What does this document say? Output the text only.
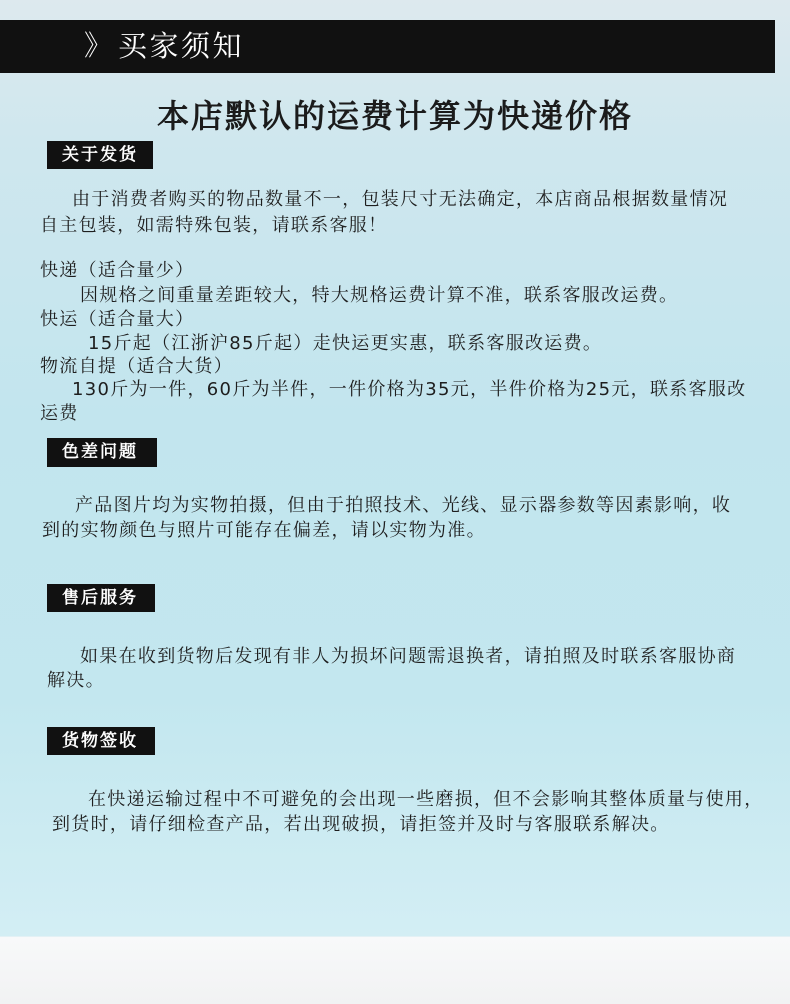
》 买家须知
本店默认的运费计算为快递价格
关于发货
由于消费者购买的物品数量不一，包装尺寸无法确定，本店商品根据数量情况
自主包装，如需特殊包装，请联系客服！
快递（适合量少）
因规格之间重量差距较大，特大规格运费计算不准，联系客服改运费。
快运（适合量大）
15斤起（江浙沪85斤起）走快运更实惠，联系客服改运费。
物流自提（适合大货）
130斤为一件，60斤为半件，一件价格为35元，半件价格为25元，联系客服改
运费
色差问题
产品图片均为实物拍摄，但由于拍照技术、光线、显示器参数等因素影响，收
到的实物颜色与照片可能存在偏差，请以实物为准。
售后服务
如果在收到货物后发现有非人为损坏问题需退换者，请拍照及时联系客服协商
解决。
货物签收
在快递运输过程中不可避免的会出现一些磨损，但不会影响其整体质量与使用，
到货时，请仔细检查产品，若出现破损，请拒签并及时与客服联系解决。
